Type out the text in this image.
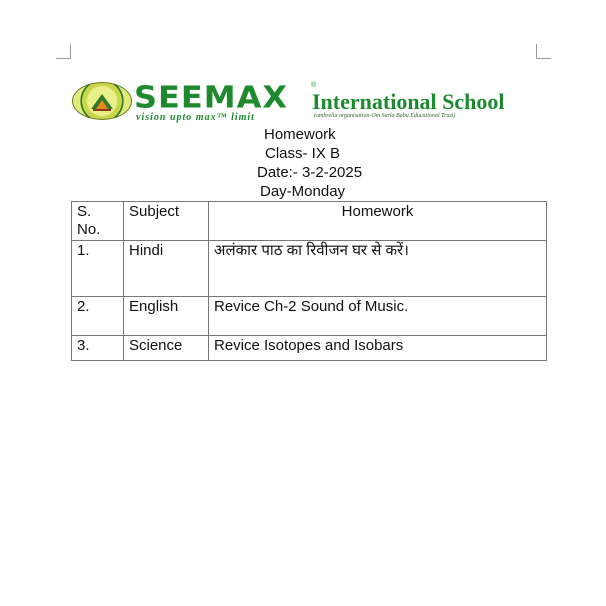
SEEMAX	®
International School
vision upto max™ limit	(umbrella organisation-Om Sarla Babu Educational Trust)
Homework
Class- IX B
Date:- 3-2-2025
Day-Monday
S. No.	Subject	Homework
1.	Hindi	अलंकार पाठ का रिवीजन घर से करें।
2.	English	Revice Ch-2 Sound of Music.
3.	Science	Revice Isotopes and Isobars
